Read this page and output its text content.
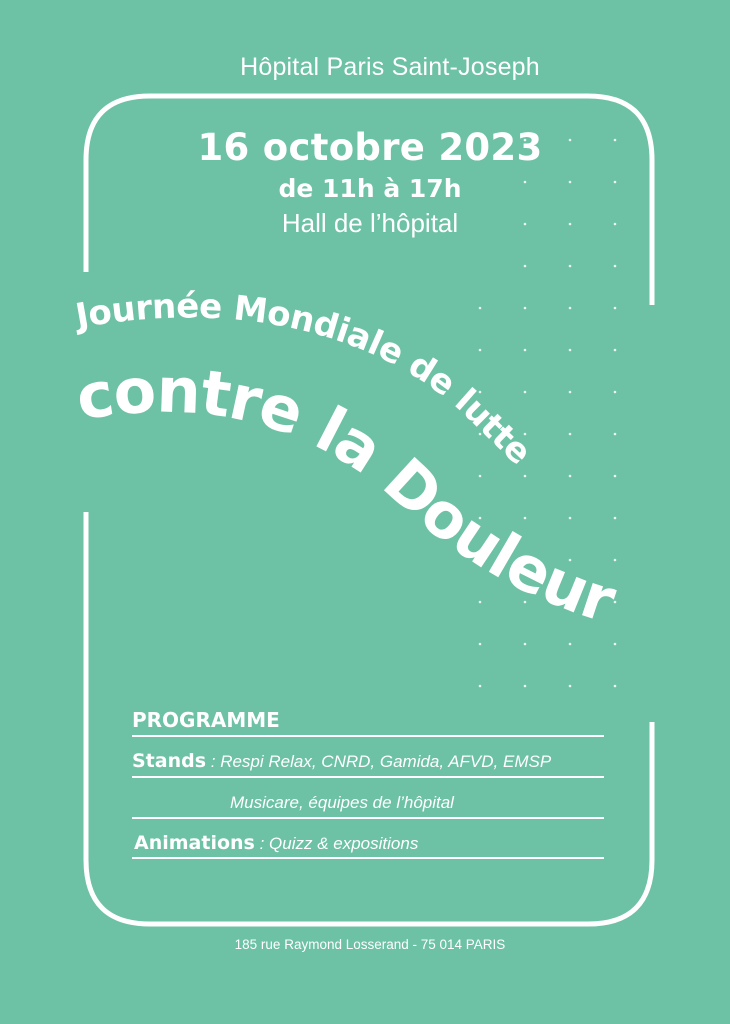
Hôpital Paris Saint-Joseph
16 octobre 2023
de 11h à 17h
Hall de l’hôpital
Journée Mondiale de lutte
contre la Douleur
PROGRAMME
Stands : Respi Relax, CNRD, Gamida, AFVD, EMSP
Musicare, équipes de l’hôpital
Animations : Quizz & expositions
185 rue Raymond Losserand - 75 014 PARIS
